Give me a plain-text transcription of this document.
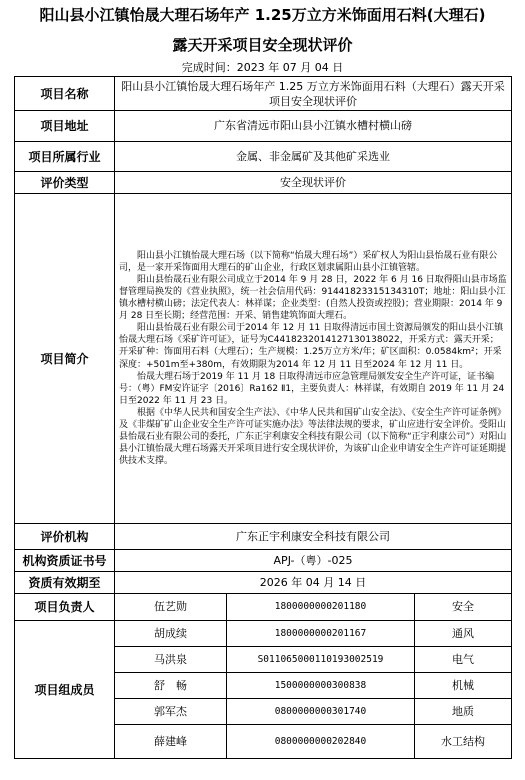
阳山县小江镇怡晟大理石场年产 1.25万立方米饰面用石料(大理石)
露天开采项目安全现状评价
完成时间：2023 年 07 月 04 日
项目名称	阳山县小江镇怡晟大理石场年产 1.25 万立方米饰面用石料（大理石）露天开采项目安全现状评价		
项目地址	广东省清远市阳山县小江镇水槽村横山磅		
项目所属行业	金属、非金属矿及其他矿采选业		
评价类型	安全现状评价		
项目简介	阳山县小江镇怡晟大理石场（以下简称“怡晟大理石场”）采矿权人为阳山县怡晟石业有限公司，是一家开采饰面用大理石的矿山企业，行政区划隶属阳山县小江镇管辖。
阳山县怡晟石业有限公司成立于2014 年 9 月 28 日，2022 年 6 月 16 日取得阳山县市场监督管理局换发的《营业执照》，统一社会信用代码：91441823315134310T；地址：阳山县小江镇水槽村横山磅；法定代表人：林祥谋；企业类型：(自然人投资或控股)；营业期限：2014 年 9 月 28 日至长期；经营范围：开采、销售建筑饰面大理石。
阳山县怡晟石业有限公司于2014 年 12 月 11 日取得清远市国土资源局颁发的阳山县小江镇怡晟大理石场《采矿许可证》，证号为C4418232014127130138022，开采方式：露天开采；开采矿种：饰面用石料（大理石）；生产规模：1.25万立方米/年；矿区面积：0.0584km²；开采深度：+501m至+380m，有效期限为2014 年 12 月 11 日至2024 年 12 月 11 日。
怡晟大理石场于2019 年 11 月 18 日取得清远市应急管理局颁发安全生产许可证，证书编号：（粤）FM安许证字〔2016〕Ra162 Ⅱ1，主要负责人：林祥谋，有效期自 2019 年 11 月 24 日至2022 年 11 月 23 日。
根据《中华人民共和国安全生产法》、《中华人民共和国矿山安全法》、《安全生产许可证条例》及《非煤矿矿山企业安全生产许可证实施办法》等法律法规的要求，矿山应进行安全评价。受阳山县怡晟石业有限公司的委托，广东正宇利康安全科技有限公司（以下简称“正宇利康公司”）对阳山县小江镇怡晟大理石场露天开采项目进行安全现状评价，为该矿山企业申请安全生产许可证延期提供技术支撑。		

评价机构	广东正宇利康安全科技有限公司		
机构资质证书号	APJ-（粤）-025		
资质有效期至	2026 年 04 月 14 日		
项目负责人	伍艺勋	1800000000201180	安全
项目组成员	胡成续	1800000000201167	通风
	马洪泉	S011065000110193002519	电气
	舒　畅	1500000000300838	机械
	郭军杰	0800000000301740	地质
	薛建峰	0800000000202840	水工结构
